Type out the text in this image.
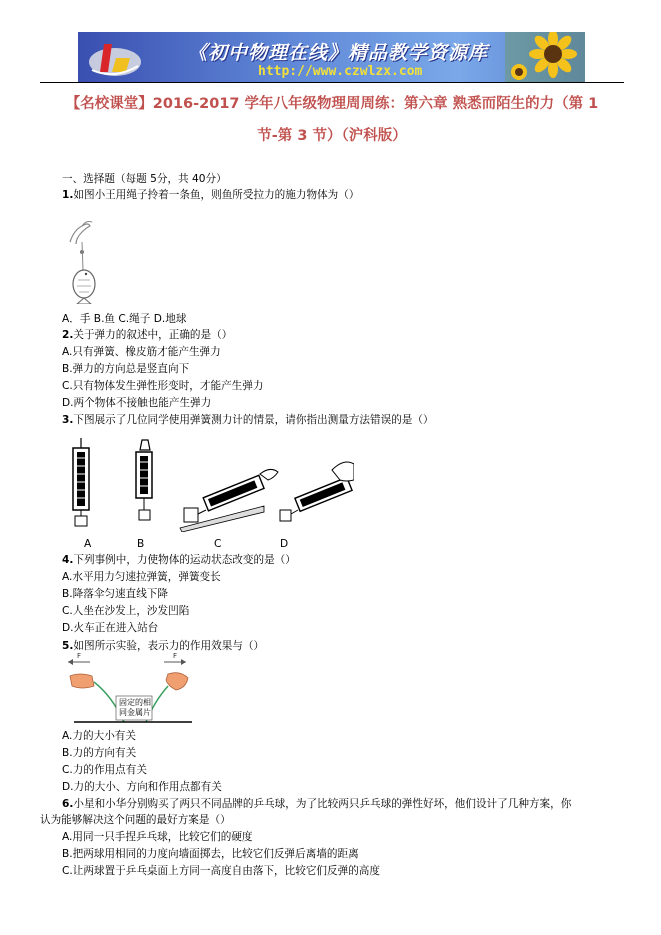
《初中物理在线》精品教学资源库
http://www.czwlzx.com
【名校课堂】2016-2017 学年八年级物理周周练：第六章 熟悉而陌生的力（第 1
节-第 3 节）（沪科版）
一、选择题（每题 5分，共 40分）
1.如图小王用绳子拎着一条鱼，则鱼所受拉力的施力物体为（）
A．手 B.鱼 C.绳子 D.地球
2.关于弹力的叙述中，正确的是（）
A.只有弹簧、橡皮筋才能产生弹力
B.弹力的方向总是竖直向下
C.只有物体发生弹性形变时，才能产生弹力
D.两个物体不接触也能产生弹力
3.下图展示了几位同学使用弹簧测力计的情景，请你指出测量方法错误的是（）
A	B	C	D
4.下列事例中，力使物体的运动状态改变的是（）
A.水平用力匀速拉弹簧，弹簧变长
B.降落伞匀速直线下降
C.人坐在沙发上，沙发凹陷
D.火车正在进入站台
5.如图所示实验，表示力的作用效果与（）
F	F
固定的相
同金属片
A.力的大小有关
B.力的方向有关
C.力的作用点有关
D.力的大小、方向和作用点都有关
6.小星和小华分别购买了两只不同品牌的乒乓球，为了比较两只乒乓球的弹性好坏，他们设计了几种方案，你
认为能够解决这个问题的最好方案是（）
A.用同一只手捏乒乓球，比较它们的硬度
B.把两球用相同的力度向墙面掷去，比较它们反弹后离墙的距离
C.让两球置于乒乓桌面上方同一高度自由落下，比较它们反弹的高度
